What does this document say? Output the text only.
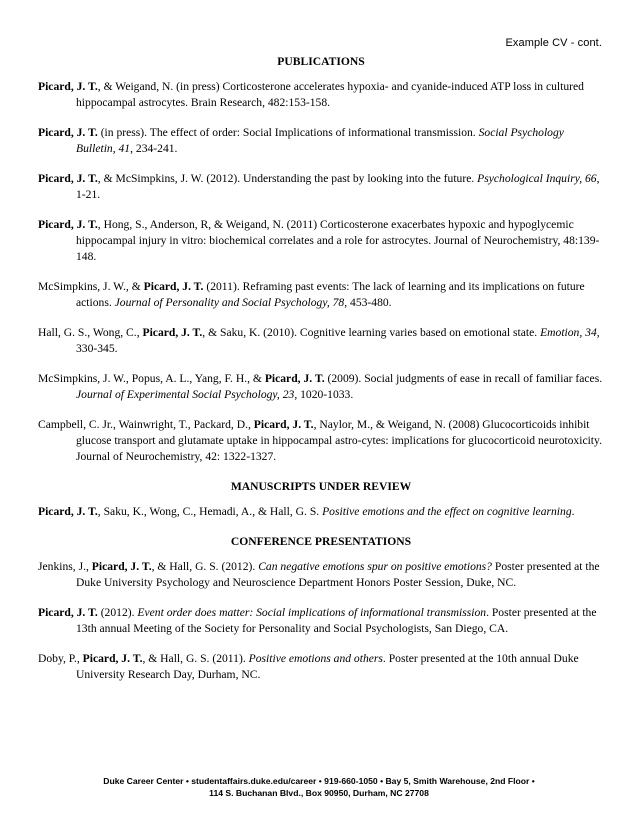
Example CV - cont.
PUBLICATIONS
Picard, J. T., & Weigand, N. (in press) Corticosterone accelerates hypoxia- and cyanide-induced ATP loss in cultured hippocampal astrocytes. Brain Research, 482:153-158.
Picard, J. T. (in press). The effect of order: Social Implications of informational transmission. Social Psychology Bulletin, 41, 234-241.
Picard, J. T., & McSimpkins, J. W. (2012). Understanding the past by looking into the future. Psychological Inquiry, 66, 1-21.
Picard, J. T., Hong, S., Anderson, R, & Weigand, N. (2011) Corticosterone exacerbates hypoxic and hypoglycemic hippocampal injury in vitro: biochemical correlates and a role for astrocytes. Journal of Neurochemistry, 48:139-148.
McSimpkins, J. W., & Picard, J. T. (2011). Reframing past events: The lack of learning and its implications on future actions. Journal of Personality and Social Psychology, 78, 453-480.
Hall, G. S., Wong, C., Picard, J. T., & Saku, K. (2010). Cognitive learning varies based on emotional state. Emotion, 34, 330-345.
McSimpkins, J. W., Popus, A. L., Yang, F. H., & Picard, J. T. (2009). Social judgments of ease in recall of familiar faces. Journal of Experimental Social Psychology, 23, 1020-1033.
Campbell, C. Jr., Wainwright, T., Packard, D., Picard, J. T., Naylor, M., & Weigand, N. (2008) Glucocorticoids inhibit glucose transport and glutamate uptake in hippocampal astro-cytes: implications for glucocorticoid neurotoxicity. Journal of Neurochemistry, 42: 1322-1327.
MANUSCRIPTS UNDER REVIEW
Picard, J. T., Saku, K., Wong, C., Hemadi, A., & Hall, G. S. Positive emotions and the effect on cognitive learning.
CONFERENCE PRESENTATIONS
Jenkins, J., Picard, J. T., & Hall, G. S. (2012). Can negative emotions spur on positive emotions? Poster presented at the Duke University Psychology and Neuroscience Department Honors Poster Session, Duke, NC.
Picard, J. T. (2012). Event order does matter: Social implications of informational transmission. Poster presented at the 13th annual Meeting of the Society for Personality and Social Psychologists, San Diego, CA.
Doby, P., Picard, J. T., & Hall, G. S. (2011). Positive emotions and others. Poster presented at the 10th annual Duke University Research Day, Durham, NC.
Duke Career Center • studentaffairs.duke.edu/career • 919-660-1050 • Bay 5, Smith Warehouse, 2nd Floor •
114 S. Buchanan Blvd., Box 90950, Durham, NC 27708
